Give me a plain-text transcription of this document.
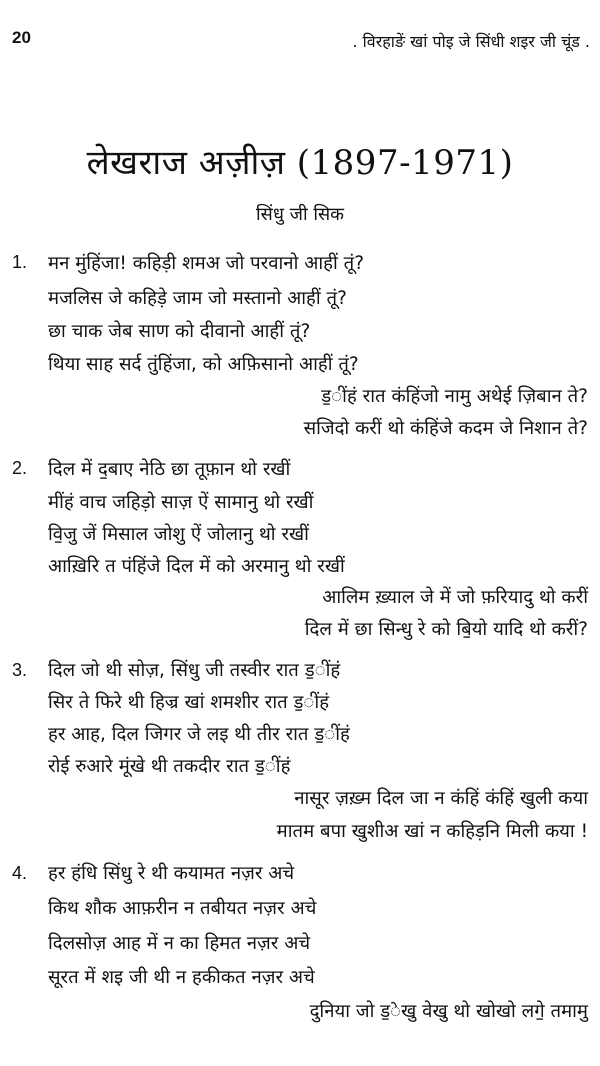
20	. विरहाङें खां पोइ जे सिंधी शइर जी चूंड .
लेखराज अज़ीज़ (1897-1971)
सिंधु जी सिक
1. मन मुंहिंजा! कहिड़ी शमअ जो परवानो आहीं तूं?
मजलिस जे कहिड़े जाम जो मस्तानो आहीं तूं?
छा चाक जेब साण को दीवानो आहीं तूं?
थिया साह सर्द तुंहिंजा, को अफ़िसानो आहीं तूं?
ड॒ींहं रात कंहिंजो नामु अथेई ज़िबान ते?
सजिदो करीं थो कंहिंजे कदम जे निशान ते?
2. दिल में द॒बाए नेठि छा तूफ़ान थो रखीं
मींहं वाच जहिड़ो साज़ ऐं सामानु थो रखीं
वि॒जु जें मिसाल जोशु ऐं जोलानु थो रखीं
आख़िरि त पंहिंजे दिल में को अरमानु थो रखीं
आलिम ख़्याल जे में जो फ़रियादु थो करीं
दिल में छा सिन्धु रे को बि॒यो यादि थो करीं?
3. दिल जो थी सोज़, सिंधु जी तस्वीर रात ड॒ींहं
सिर ते फिरे थी हिज्र खां शमशीर रात ड॒ींहं
हर आह, दिल जिगर जे लइ थी तीर रात ड॒ींहं
रोई रुआरे मूंखे थी तकदीर रात ड॒ींहं
नासूर ज़ख़्म दिल जा न कंहिं कंहिं खुली कया
मातम बपा खुशीअ खां न कहिड़नि मिली कया !
4. हर हंधि सिंधु रे थी कयामत नज़र अचे
किथ शौक आफ़रीन न तबीयत नज़र अचे
दिलसोज़ आह में न का हिमत नज़र अचे
सूरत में शइ जी थी न हकीकत नज़र अचे
दुनिया जो ड॒ेखु वेखु थो खोखो लगे॒ तमामु
